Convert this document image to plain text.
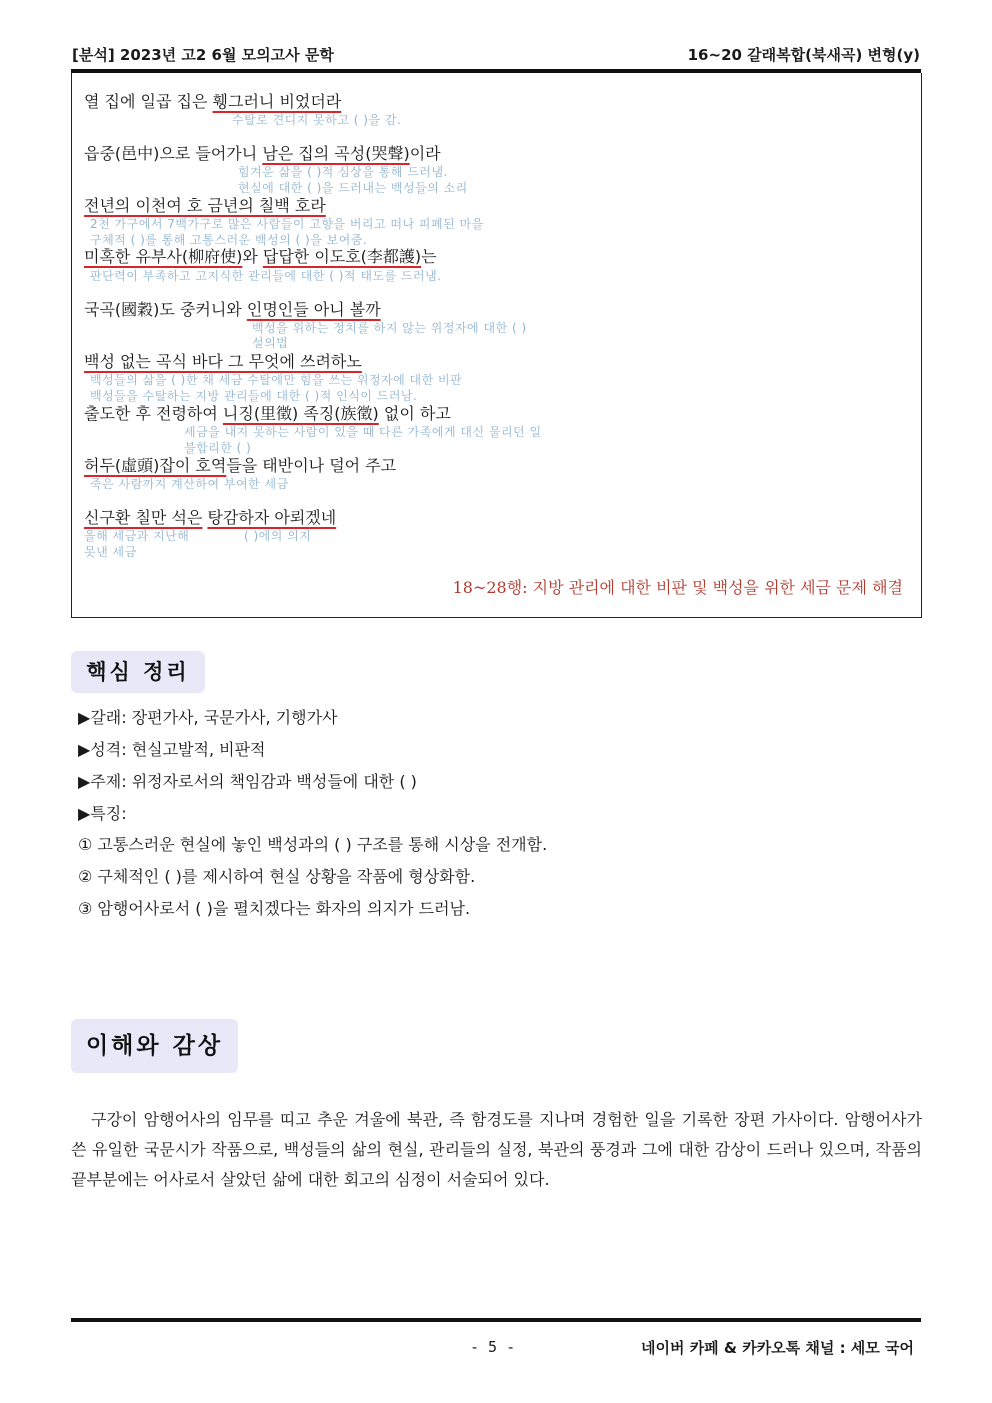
[분석] 2023년 고2 6월 모의고사 문학	16~20 갈래복합(북새곡) 변형(y)
열 집에 일곱 집은 휑그러니 비었더라
수탈로 견디지 못하고 ( )을 감.
읍중(邑中)으로 들어가니 남은 집의 곡성(哭聲)이라
힘겨운 삶을 ( )적 심상을 통해 드러냄.
현실에 대한 ( )을 드러내는 백성들의 소리
전년의 이천여 호 금년의 칠백 호라
2천 가구에서 7백가구로 많은 사람들이 고향을 버리고 떠나 피폐된 마을
구체적 ( )를 통해 고통스러운 백성의 ( )을 보여줌.
미혹한 유부사(柳府使)와 답답한 이도호(李都護)는
판단력이 부족하고 고지식한 관리들에 대한 ( )적 태도를 드러냄.
국곡(國穀)도 중커니와 인명인들 아니 볼까
백성을 위하는 정치를 하지 않는 위정자에 대한 ( )
설의법
백성 없는 곡식 바다 그 무엇에 쓰려하노
백성들의 삶을 ( )한 채 세금 수탈에만 힘을 쓰는 위정자에 대한 비판
백성들을 수탈하는 지방 관리들에 대한 ( )적 인식이 드러남.
출도한 후 전령하여 니징(里徵) 족징(族徵) 없이 하고
세금을 내지 못하는 사람이 있을 때 다른 가족에게 대신 물리던 일
불합리한 ( )
허두(虛頭)잡이 호역들을 태반이나 덜어 주고
죽은 사람까지 계산하여 부여한 세금
신구환 칠만 석은 탕감하자 아뢰겠네
올해 세금과 지난해	( )에의 의지
못낸 세금
18~28행: 지방 관리에 대한 비판 및 백성을 위한 세금 문제 해결
핵심 정리
▶갈래: 장편가사, 국문가사, 기행가사
▶성격: 현실고발적, 비판적
▶주제: 위정자로서의 책임감과 백성들에 대한 ( )
▶특징:
① 고통스러운 현실에 놓인 백성과의 ( ) 구조를 통해 시상을 전개함.
② 구체적인 ( )를 제시하여 현실 상황을 작품에 형상화함.
③ 암행어사로서 ( )을 펼치겠다는 화자의 의지가 드러남.
이해와 감상
구강이 암행어사의 임무를 띠고 추운 겨울에 북관, 즉 함경도를 지나며 경험한 일을 기록한 장편 가사이다. 암행어사가 쓴 유일한 국문시가 작품으로, 백성들의 삶의 현실, 관리들의 실정, 북관의 풍경과 그에 대한 감상이 드러나 있으며, 작품의 끝부분에는 어사로서 살았던 삶에 대한 회고의 심정이 서술되어 있다.
- 5 -	네이버 카페 & 카카오톡 채널 : 세모 국어
